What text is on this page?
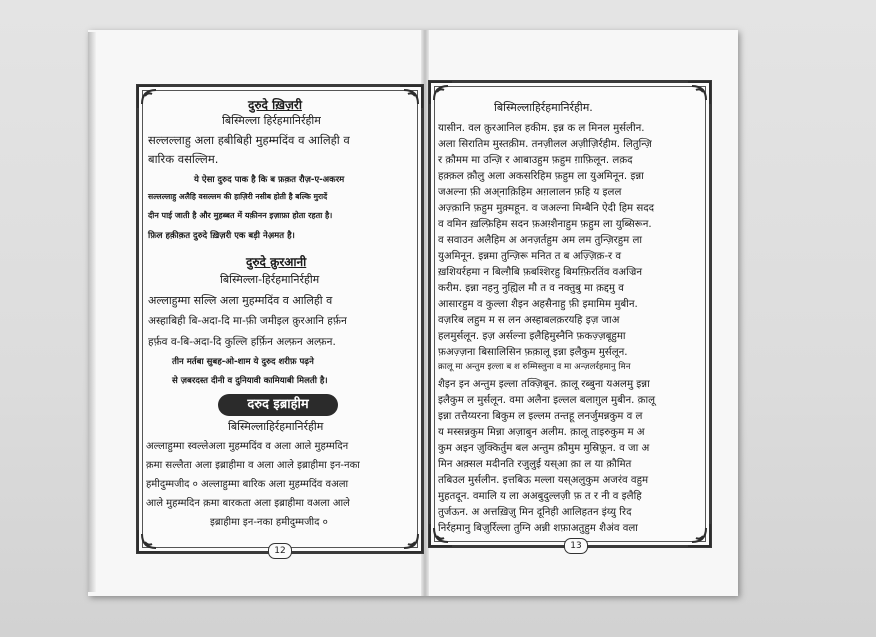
दुरुदे ख़िज़री
बिस्मिल्ला हिर्रहमानिर्रहीम
सल्लल्लाहु अला हबीबिही मुहम्मदिंव व आलिही व
बारिक वसल्लिम.
ये ऐसा दुरुद पाक है कि ब फ़क़त रौज़-ए-अकरम
सल्लल्लाहु अलैहि वसल्लम की हाज़िरी नसीब होती है बल्कि मुरादें
दीन पाई जाती है और मुहब्बत में यक़ीनन इज़ाफ़ा होता रहता है।
फ़िल हक़ीक़त दुरुदे ख़िज़री एक बड़ी नेअ़मत है।
दुरुदे क़ुरआनी
बिस्मिल्ला-हिर्रहमानिर्रहीम
अल्लाहुम्मा सल्लि अला मुहम्मदिंव व आलिही व
अस्हाबिही बि-अदा-दि मा-फ़ी जमीइल क़ुरआनि हर्फ़न
हर्फ़व व-बि-अदा-दि कुल्लि हर्फ़िन अल्फ़न अल्फ़न.
तीन मर्तबा सुबह-ओ-शाम ये दुरुद शरीफ़ पढ़ने
से ज़बरदस्त दीनी व दुनियावी कामियाबी मिलती है।
दरुद इब्राहीम
बिस्मिल्लाहिर्रहमानिर्रहीम
अल्लाहुम्मा स्वल्लेअला मुहम्मदिंव व अला आले मुहम्मदिन
क़मा सल्लैता अला इब्राहीमा व अला आले इब्राहीमा इन-नका
हमीदुम्मजीद ० अल्लाहुम्मा बारिक अला मुहम्मदिंव वअला
आले मुहम्मदिन क़मा बारकता अला इब्राहीमा वअला आले
इब्राहीमा इन-नका हमीदुम्मजीद ०
12
बिस्मिल्लाहिर्रहमानिर्रहीम.
यासीन. वल क़ुरआनिल हकीम. इन्न क ल मिनल मुर्सलीन.
अला सिरातिम मुस्तक़ीम. तनज़ीलल अज़ीज़िर्रहीम. लितुन्ज़ि
र क़ौमम मा उन्ज़ि र आबाउहुम फ़हुम ग़ाफ़िलून. लक़द
हक़्क़ल क़ौलु अला अकसरिहिम फ़हुम ला युअमिनून. इन्ना
जअल्ना फ़ी अअ्नाक़िहिम अग़लालन फ़हि य इलल
अज़्क़ानि फ़हुम मुक़्महून. व जअल्ना मिम्बैनि ऐदी हिम सदद
व वमिन ख़ल्फ़िहिम सदन फ़अग़्शैनाहुम फ़हुम ला युब्सिरून.
व सवाउन अलैहिम अ अनज़र्तहुम अम लम तुन्ज़िरहुम ला
युअमिनून. इन्नमा तुन्ज़िरू मनित त ब अज़्ज़िक़-र व
ख़शियर्रहमा न बिल्ग़ैबि फ़बश्शिरहु बिमग़्फ़िरतिंव वअज्रिन
करीम. इन्ना नहनु नुह्यिल मौ त व नक्तुबु मा क़द्दमु व
आसारहुम व कुल्ला शैइन अहसैनाहु फ़ी इमामिम मुबीन.
वज़रिब लहुम म स लन अस्हाबलक़रयहि इज़ जाअ
हलमुर्सलून. इज़ अर्सल्ना इलैहिमुस्नैनि फ़कज़्ज़बूहुमा
फ़अज़्ज़ना बिसालिसिन फ़क़ालू इन्ना इलैकुम मुर्सलून.
क़ालू मा अन्तुम इल्ला ब श रुम्मिस्लुना व मा अन्ज़लर्रहमानु मिन
शैइन इन अन्तुम इल्ला तक्ज़िबून. क़ालू रब्बुना यअलमु इन्ना
इलैकुम ल मुर्सलून. वमा अलैना इल्लल बलाग़ुल मुबीन. क़ालू
इन्ना तत्तैय्यरना बिकुम ल इल्लम तन्तहू लनर्जुमन्नकुम व ल
य मस्सन्नकुम मिन्ना अज़ाबुन अलीम. क़ालू ताइरुकुम म अ
कुम अइन ज़ुक्किर्तुम बल अन्तुम क़ौमुम मुस्रिफ़ून. व जा अ
मिन अक़्सल मदीनति रजुलुई यस्आ क़ा ल या क़ौमित
तबिउल मुर्सलीन. इत्तबिऊ मल्ला यस्अलुकुम अजरंव वहुम
मुहतदून. वमालि य ला अअबुदुल्लज़ी फ़ त र नी व इलैहि
तुर्जऊन. अ अत्तख़िज़ु मिन दूनिही आलिहतन इंय्यु रिद
निर्रहमानु बिज़ुर्रिल्ला तुग्नि अन्नी शफ़ाअतुहुम शैअंव वला
13
